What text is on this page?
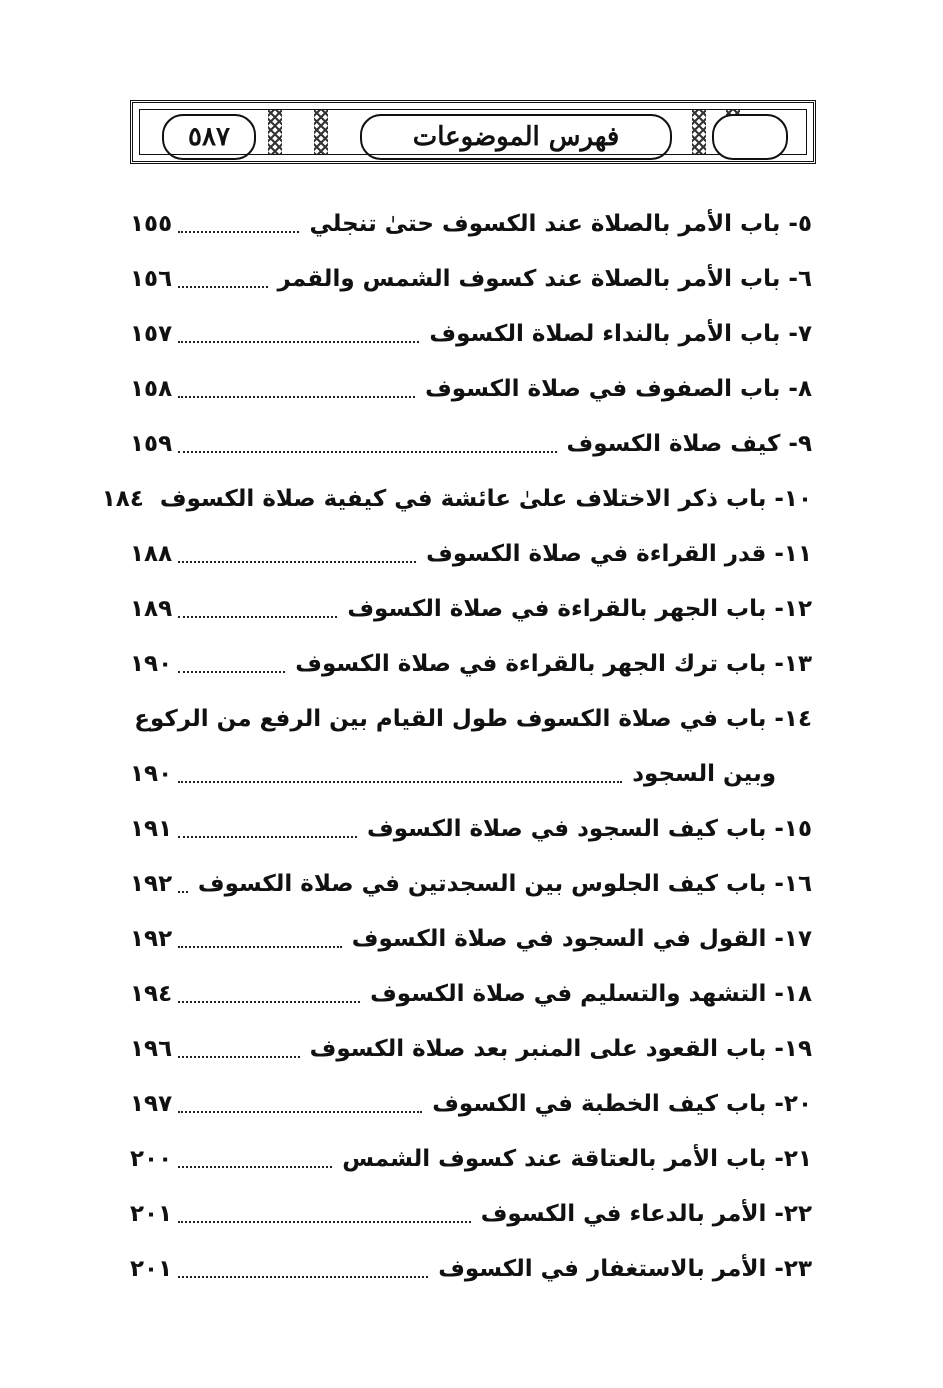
٥٨٧	فهرس الموضوعات
٥- باب الأمر بالصلاة عند الكسوف حتىٰ تنجلي
١٥٥
٦- باب الأمر بالصلاة عند كسوف الشمس والقمر
١٥٦
٧- باب الأمر بالنداء لصلاة الكسوف
١٥٧
٨- باب الصفوف في صلاة الكسوف
١٥٨
٩- كيف صلاة الكسوف
١٥٩
١٠- باب ذكر الاختلاف علىٰ عائشة في كيفية صلاة الكسوف
١٨٤
١١- قدر القراءة في صلاة الكسوف
١٨٨
١٢- باب الجهر بالقراءة في صلاة الكسوف
١٨٩
١٣- باب ترك الجهر بالقراءة في صلاة الكسوف
١٩٠
١٤- باب في صلاة الكسوف طول القيام بين الرفع من الركوع
وبين السجود
١٩٠
١٥- باب كيف السجود في صلاة الكسوف
١٩١
١٦- باب كيف الجلوس بين السجدتين في صلاة الكسوف
١٩٢
١٧- القول في السجود في صلاة الكسوف
١٩٢
١٨- التشهد والتسليم في صلاة الكسوف
١٩٤
١٩- باب القعود على المنبر بعد صلاة الكسوف
١٩٦
٢٠- باب كيف الخطبة في الكسوف
١٩٧
٢١- باب الأمر بالعتاقة عند كسوف الشمس
٢٠٠
٢٢- الأمر بالدعاء في الكسوف
٢٠١
٢٣- الأمر بالاستغفار في الكسوف
٢٠١
